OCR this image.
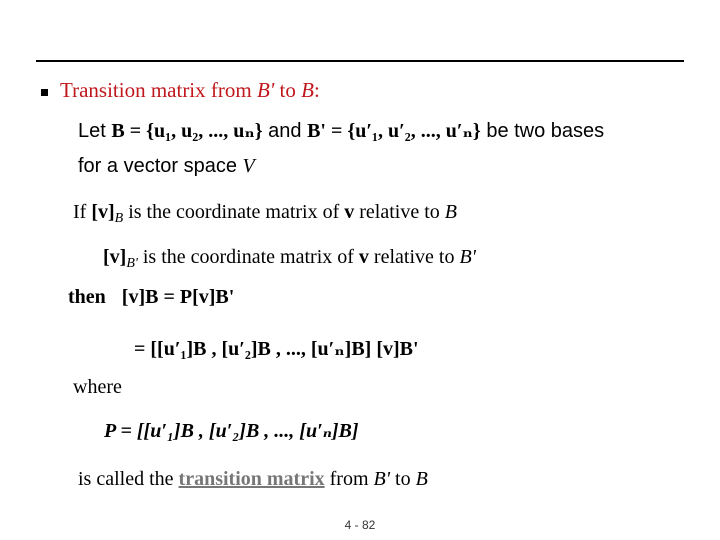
Transition matrix from B' to B:
Let B = {u₁, u₂, ..., uₙ} and B' = {u′₁, u′₂, ..., u′ₙ} be two bases
for a vector space V
If $[v]_B$ is the coordinate matrix of v relative to B
$[v]_{B'}$ is the coordinate matrix of v relative to B'
then [v]B = P[v]B'
= [[u′₁]B , [u′₂]B , ..., [u′ₙ]B] [v]B'
where
P = [[u′₁]B , [u′₂]B , ..., [u′ₙ]B]
is called the transition matrix from B' to B
4 - 82
